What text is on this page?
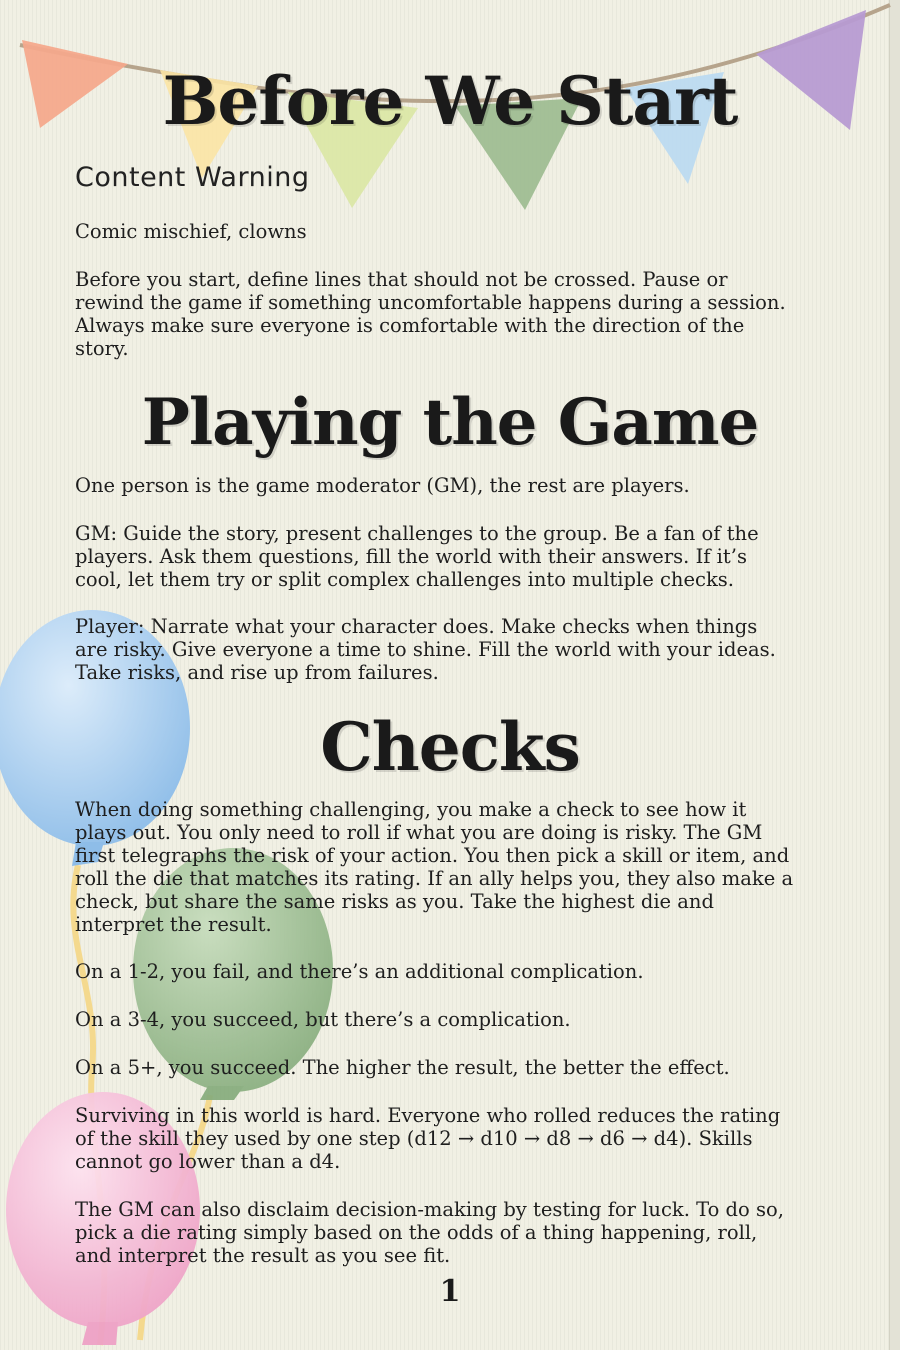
Before We Start
Content Warning

Comic mischief, clowns

Before you start, define lines that should not be crossed. Pause or rewind the game if something uncomfortable happens during a session. Always make sure everyone is comfortable with the direction of the story.

Playing the Game

One person is the game moderator (GM), the rest are players.

GM: Guide the story, present challenges to the group. Be a fan of the players. Ask them questions, fill the world with their answers. If it’s cool, let them try or split complex challenges into multiple checks.

Player: Narrate what your character does. Make checks when things are risky. Give everyone a time to shine. Fill the world with your ideas. Take risks, and rise up from failures.

Checks

When doing something challenging, you make a check to see how it plays out. You only need to roll if what you are doing is risky. The GM first telegraphs the risk of your action. You then pick a skill or item, and roll the die that matches its rating. If an ally helps you, they also make a check, but share the same risks as you. Take the highest die and interpret the result.

On a 1-2, you fail, and there’s an additional complication.

On a 3-4, you succeed, but there’s a complication.

On a 5+, you succeed. The higher the result, the better the effect.

Surviving in this world is hard. Everyone who rolled reduces the rating of the skill they used by one step (d12 → d10 → d8 → d6 → d4). Skills cannot go lower than a d4.

The GM can also disclaim decision-making by testing for luck. To do so, pick a die rating simply based on the odds of a thing happening, roll, and interpret the result as you see fit.

1
